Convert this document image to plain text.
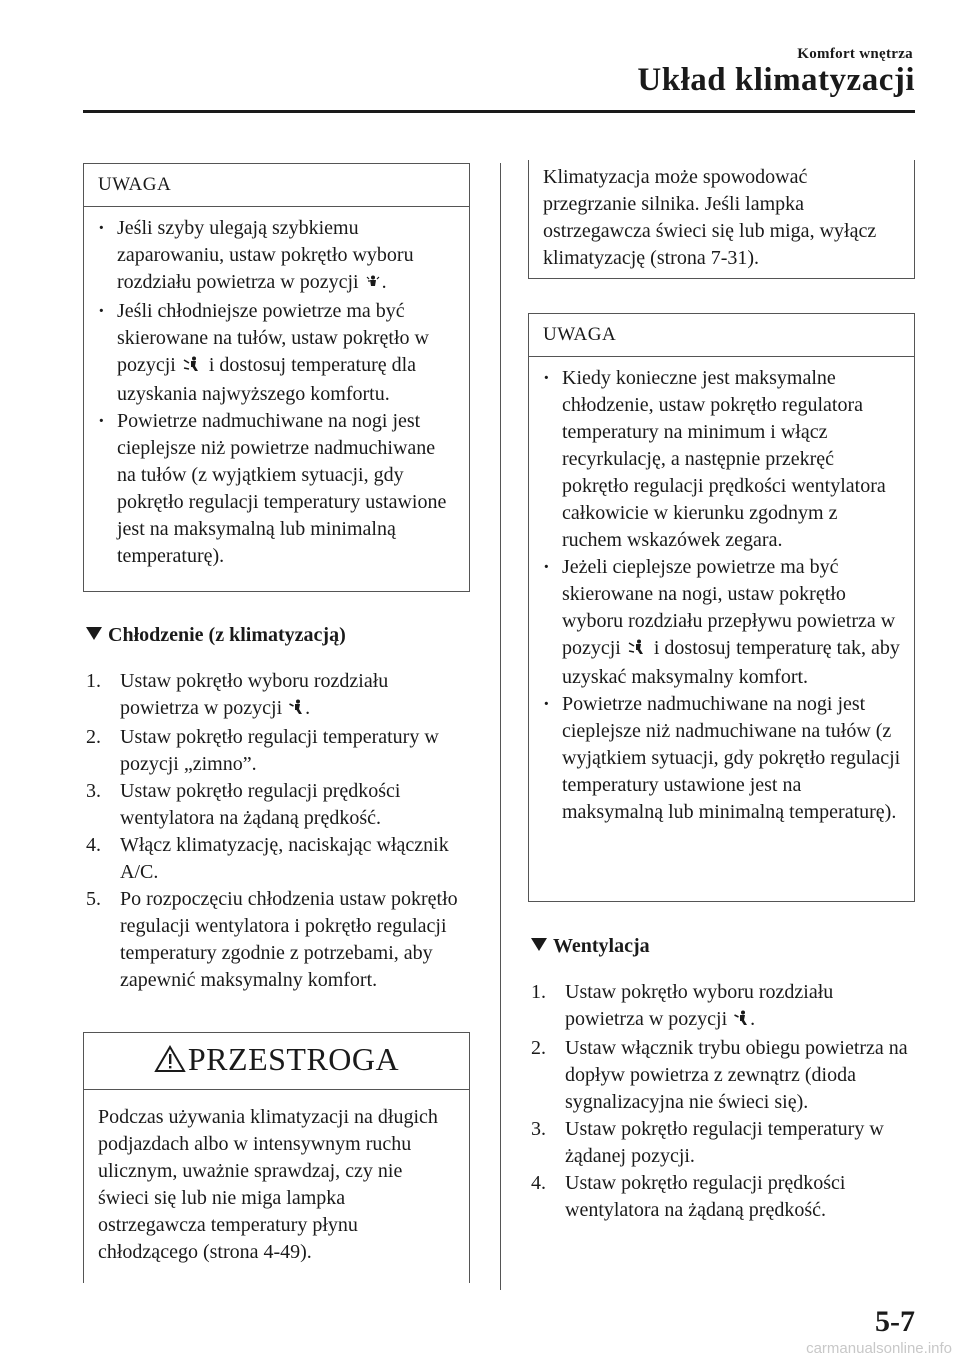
Komfort wnętrza
Układ klimatyzacji
UWAGA
· Jeśli szyby ulegają szybkiemu zaparowaniu, ustaw pokrętło wyboru rozdziału powietrza w pozycji .
· Jeśli chłodniejsze powietrze ma być skierowane na tułów, ustaw pokrętło w pozycji  i dostosuj temperaturę dla uzyskania najwyższego komfortu.
· Powietrze nadmuchiwane na nogi jest cieplejsze niż powietrze nadmuchiwane na tułów (z wyjątkiem sytuacji, gdy pokrętło regulacji temperatury ustawione jest na maksymalną lub minimalną temperaturę).
Chłodzenie (z klimatyzacją)
1. Ustaw pokrętło wyboru rozdziału powietrza w pozycji .
2. Ustaw pokrętło regulacji temperatury w pozycji „zimno”.
3. Ustaw pokrętło regulacji prędkości wentylatora na żądaną prędkość.
4. Włącz klimatyzację, naciskając włącznik A/C.
5. Po rozpoczęciu chłodzenia ustaw pokrętło regulacji wentylatora i pokrętło regulacji temperatury zgodnie z potrzebami, aby zapewnić maksymalny komfort.
PRZESTROGA
Podczas używania klimatyzacji na długich podjazdach albo w intensywnym ruchu ulicznym, uważnie sprawdzaj, czy nie świeci się lub nie miga lampka ostrzegawcza temperatury płynu chłodzącego (strona 4-49).
Klimatyzacja może spowodować przegrzanie silnika. Jeśli lampka ostrzegawcza świeci się lub miga, wyłącz klimatyzację (strona 7-31).
UWAGA
· Kiedy konieczne jest maksymalne chłodzenie, ustaw pokrętło regulatora temperatury na minimum i włącz recyrkulację, a następnie przekręć pokrętło regulacji prędkości wentylatora całkowicie w kierunku zgodnym z ruchem wskazówek zegara.
· Jeżeli cieplejsze powietrze ma być skierowane na nogi, ustaw pokrętło wyboru rozdziału przepływu powietrza w pozycji  i dostosuj temperaturę tak, aby uzyskać maksymalny komfort.
· Powietrze nadmuchiwane na nogi jest cieplejsze niż nadmuchiwane na tułów (z wyjątkiem sytuacji, gdy pokrętło regulacji temperatury ustawione jest na maksymalną lub minimalną temperaturę).
Wentylacja
1. Ustaw pokrętło wyboru rozdziału powietrza w pozycji .
2. Ustaw włącznik trybu obiegu powietrza na dopływ powietrza z zewnątrz (dioda sygnalizacyjna nie świeci się).
3. Ustaw pokrętło regulacji temperatury w żądanej pozycji.
4. Ustaw pokrętło regulacji prędkości wentylatora na żądaną prędkość.
5-7
carmanualsonline.info
